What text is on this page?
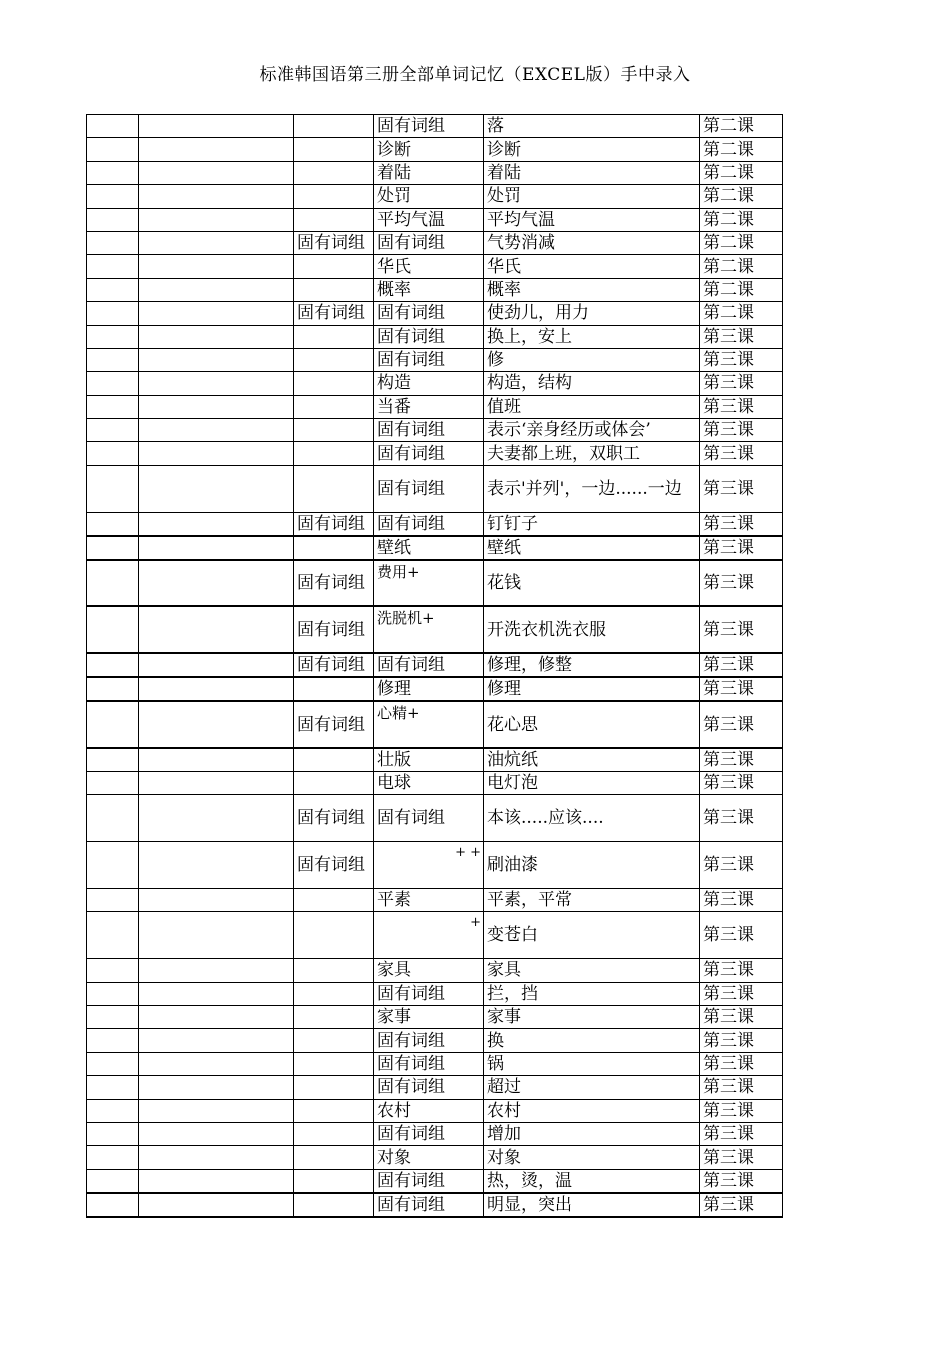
标准韩国语第三册全部单词记忆（EXCEL版）手中录入
			固有词组	落	第二课
			诊断	诊断	第二课
			着陆	着陆	第二课
			处罚	处罚	第二课
			平均气温	平均气温	第二课
		固有词组	固有词组	气势消减	第二课
			华氏	华氏	第二课
			概率	概率	第二课
		固有词组	固有词组	使劲儿，用力	第二课
			固有词组	换上，安上	第三课
			固有词组	修	第三课
			构造	构造，结构	第三课
			当番	值班	第三课
			固有词组	表示‘亲身经历或体会’	第三课
			固有词组	夫妻都上班，双职工	第三课
			固有词组	表示'并列'，一边......一边	第三课
		固有词组	固有词组	钉钉子	第三课
			壁纸	壁纸	第三课
		固有词组	费用+	花钱	第三课
		固有词组	洗脱机+	开洗衣机洗衣服	第三课
		固有词组	固有词组	修理，修整	第三课
			修理	修理	第三课
		固有词组	心精+	花心思	第三课
			壮版	油炕纸	第三课
			电球	电灯泡	第三课
		固有词组	固有词组	本该.....应该....	第三课
		固有词组	+ +	刷油漆	第三课
			平素	平素，平常	第三课
			+	变苍白	第三课
			家具	家具	第三课
			固有词组	拦，挡	第三课
			家事	家事	第三课
			固有词组	换	第三课
			固有词组	锅	第三课
			固有词组	超过	第三课
			农村	农村	第三课
			固有词组	增加	第三课
			对象	对象	第三课
			固有词组	热，烫，温	第三课
			固有词组	明显，突出	第三课
